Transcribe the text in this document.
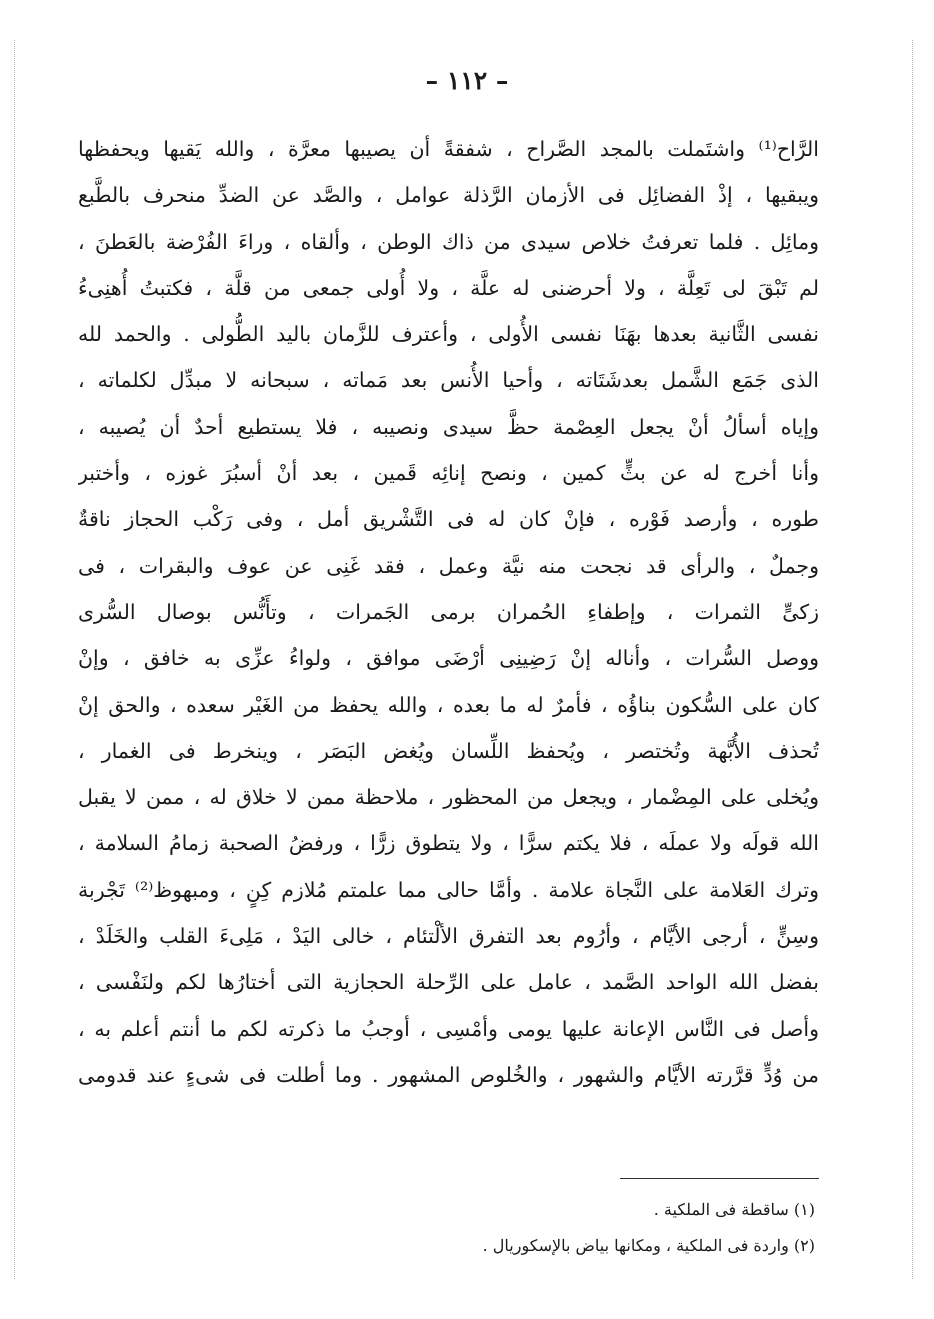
– ١١٢ –
الرَّاح⁽¹⁾ واشتَملت بالمجد الصَّراح ، شفقةً أن يصيبها معرَّة ، والله يَقيها ويحفظها
ويبقيها ، إذْ الفضائِل فى الأزمان الرَّذلة عوامل ، والصَّد عن الضدِّ منحرف بالطَّبع
ومائِل . فلما تعرفتُ خلاص سيدى من ذاك الوطن ، وألقاه ، وراءَ الفُرْضة بالعَطنَ ،
لم تَبْقَ لى تَعِلَّة ، ولا أحرضنى له علَّة ، ولا أُولى جمعى من قلَّة ، فكتبتُ أُهنِىءُ
نفسى الثَّانية بعدها بهَنَا نفسى الأُولى ، وأعترف للزَّمان باليد الطُّولى . والحمد لله
الذى جَمَع الشَّمل بعدشَتَاته ، وأحيا الأُنس بعد مَماته ، سبحانه لا مبدِّل لكلماته ،
وإياه أسألُ أنْ يجعل العِصْمة حظَّ سيدى ونصيبه ، فلا يستطيع أحدٌ أن يُصيبه ،
وأنا أخرج له عن بثٍّ كمين ، ونصح إنائِه قَمين ، بعد أنْ أسبُرَ غوزه ، وأختبر
طوره ، وأرصد فَوْره ، فإنْ كان له فى التَّشْريق أمل ، وفى رَكْب الحجاز ناقةٌ
وجملٌ ، والرأى قد نجحت منه نيَّة وعمل ، فقد غَنِى عن عوف والبقرات ، فى
زكىٍّ الثمرات ، وإطفاءِ الحُمران برمى الجَمرات ، وتأَنُّس بوصال السُّرى
ووصل السُّرات ، وأناله إنْ رَضِينِى أرْضَى موافق ، ولواءُ عزِّى به خافق ، وإنْ
كان على السُّكون بناؤُه ، فأمرٌ له ما بعده ، والله يحفظ من الغَيْر سعده ، والحق إنْ
تُحذف الأُبَّهة وتُختصر ، ويُحفظ اللِّسان ويُغض البَصَر ، وينخرط فى الغمار ،
ويُخلى على المِضْمار ، ويجعل من المحظور ، ملاحظة ممن لا خلاق له ، ممن لا يقبل
الله قولَه ولا عملَه ، فلا يكتم سرًّا ، ولا يتطوق زرًّا ، ورفضُ الصحبة زمامُ السلامة ،
وترك العَلامة على النَّجاة علامة . وأمَّا حالى مما علمتم مُلازم كِنٍ ، ومبهوظ⁽²⁾ تَجْربة
وسِنٍّ ، أرجى الأيَّام ، وأرُوم بعد التفرق الألْتئام ، خالى اليَدْ ، مَلِىءَ القلب والخَلَدْ ،
بفضل الله الواحد الصَّمد ، عامل على الرِّحلة الحجازية التى أختارُها لكم ولنَفْسى ،
وأصل فى النَّاس الإعانة عليها يومى وأمْسِى ، أوجبُ ما ذكرته لكم ما أنتم أعلم به ،
من وُدٍّ قرَّرته الأيَّام والشهور ، والخُلوص المشهور . وما أطلت فى شىءٍ عند قدومى
(١) ساقطة فى الملكية .
(٢) واردة فى الملكية ، ومكانها بياض بالإسكوريال .
